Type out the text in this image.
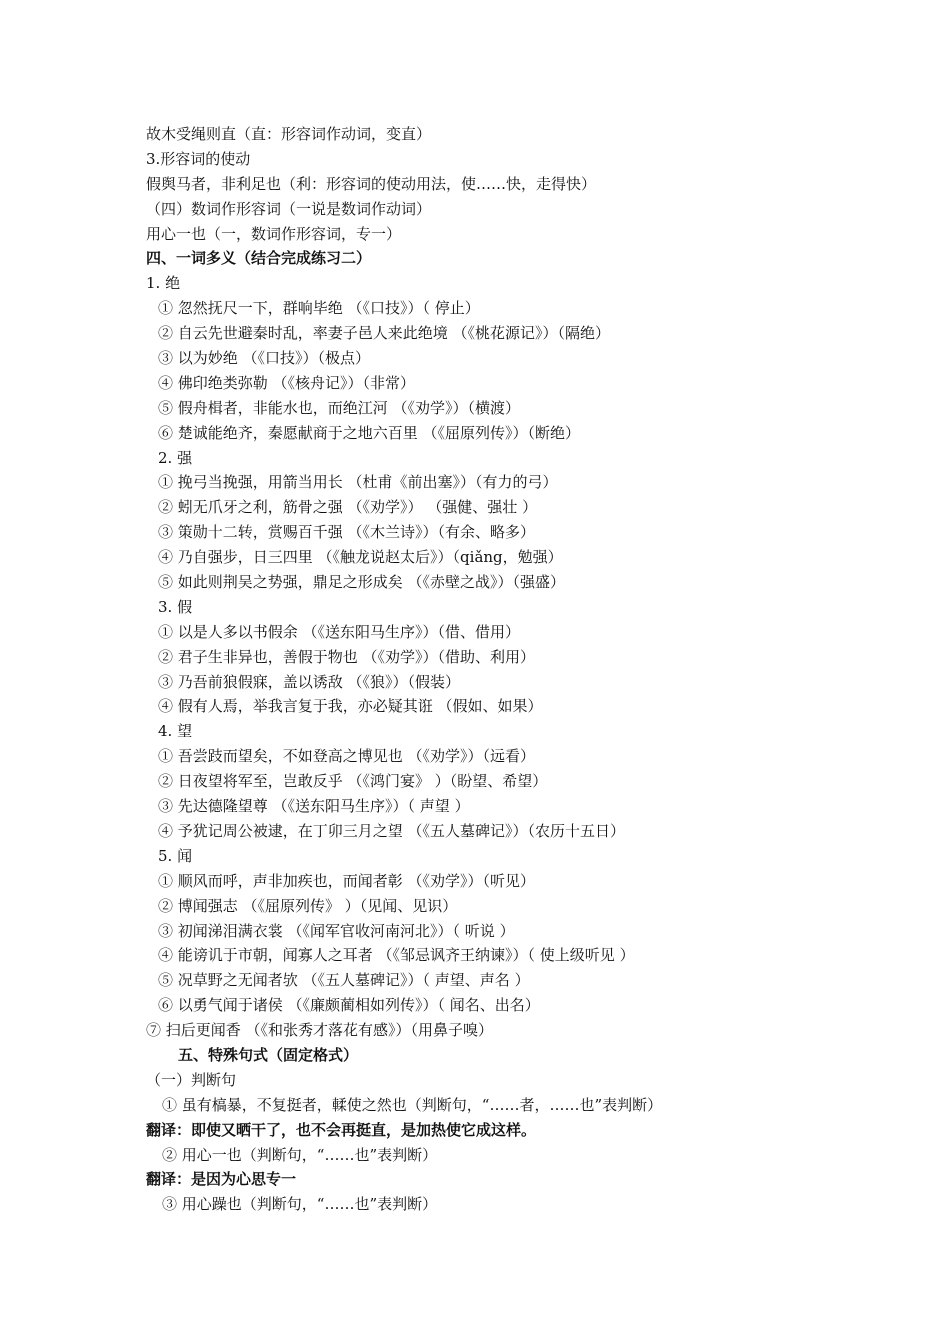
故木受绳则直（直：形容词作动词，变直）
3.形容词的使动
假舆马者，非利足也（利：形容词的使动用法，使……快，走得快）
（四）数词作形容词（一说是数词作动词）
用心一也（一，数词作形容词，专一）
四、一词多义（结合完成练习二）
1. 绝
① 忽然抚尺一下，群响毕绝 （《口技》）（ 停止）
② 自云先世避秦时乱，率妻子邑人来此绝境 （《桃花源记》）（隔绝）
③ 以为妙绝 （《口技》）（极点）
④ 佛印绝类弥勒 （《核舟记》）（非常）
⑤ 假舟楫者，非能水也，而绝江河 （《劝学》）（横渡）
⑥ 楚诚能绝齐，秦愿献商于之地六百里 （《屈原列传》）（断绝）
2. 强
① 挽弓当挽强，用箭当用长 （杜甫《前出塞》）（有力的弓）
② 蚓无爪牙之利，筋骨之强 （《劝学》） （强健、强壮 ）
③ 策勋十二转，赏赐百千强 （《木兰诗》）（有余、略多）
④ 乃自强步，日三四里 （《触龙说赵太后》）（qiǎng，勉强）
⑤ 如此则荆吴之势强，鼎足之形成矣 （《赤壁之战》）（强盛）
3. 假
① 以是人多以书假余 （《送东阳马生序》）（借、借用）
② 君子生非异也，善假于物也 （《劝学》）（借助、利用）
③ 乃吾前狼假寐，盖以诱敌 （《狼》）（假装）
④ 假有人焉，举我言复于我，亦必疑其诳 （假如、如果）
4. 望
① 吾尝跂而望矣，不如登高之博见也 （《劝学》）（远看）
② 日夜望将军至，岂敢反乎 （《鸿门宴》 ）（盼望、希望）
③ 先达德隆望尊 （《送东阳马生序》）（ 声望 ）
④ 予犹记周公被逮，在丁卯三月之望 （《五人墓碑记》）（农历十五日）
5. 闻
① 顺风而呼，声非加疾也，而闻者彰 （《劝学》）（听见）
② 博闻强志 （《屈原列传》 ）（见闻、见识）
③ 初闻涕泪满衣裳 （《闻军官收河南河北》）（ 听说 ）
④ 能谤讥于市朝，闻寡人之耳者 （《邹忌讽齐王纳谏》）（ 使上级听见 ）
⑤ 况草野之无闻者欤 （《五人墓碑记》）（ 声望、声名 ）
⑥ 以勇气闻于诸侯 （《廉颇蔺相如列传》）（ 闻名、出名）
⑦ 扫后更闻香 （《和张秀才落花有感》）（用鼻子嗅）
五、特殊句式（固定格式）
（一）判断句
① 虽有槁暴，不复挺者，輮使之然也（判断句，“……者，……也”表判断）
翻译：即使又晒干了，也不会再挺直，是加热使它成这样。
② 用心一也（判断句，“……也”表判断）
翻译：是因为心思专一
③ 用心躁也（判断句，“……也”表判断）
